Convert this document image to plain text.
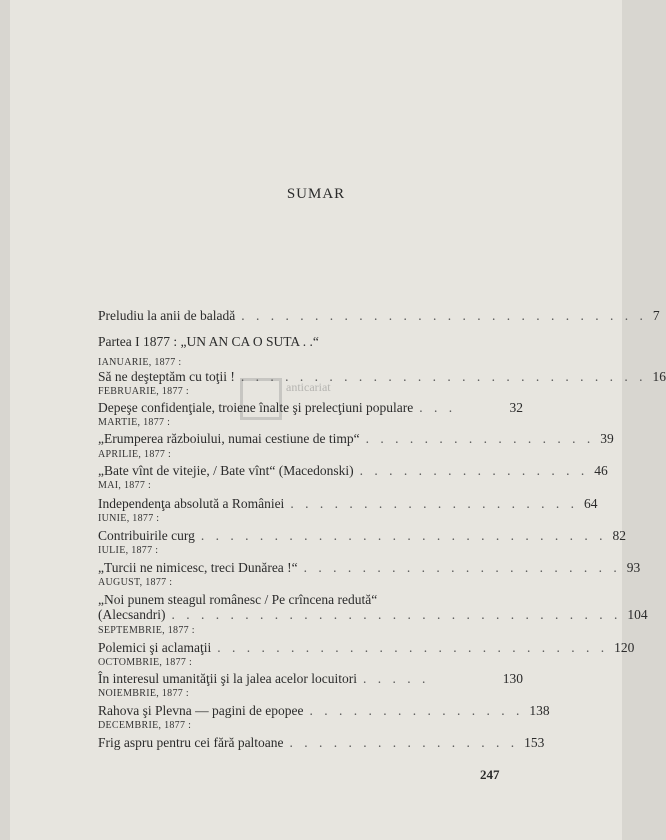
anticariat
SUMAR
Preludiu la anii de baladă . . . . . . . . . . . . . . . . . . . . . . . . . . . . 7
Partea I 1877 : „UN AN CA O SUTA . .“
IANUARIE, 1877 :
Să ne deşteptăm cu toţii ! . . . . . . . . . . . . . . . . . . . . . . . . . . . . 16
FEBRUARIE, 1877 :
Depeşe confidenţiale, troiene înalte şi prelecţiuni populare . . .	32
MARTIE, 1877 :
„Erumperea războiului, numai cestiune de timp“ . . . . . . . . . . . . . . . . 39
APRILIE, 1877 :
„Bate vînt de vitejie, / Bate vînt“ (Macedonski) . . . . . . . . . . . . . . . . 46
MAI, 1877 :
Independenţa absolută a României . . . . . . . . . . . . . . . . . . . . 64
IUNIE, 1877 :
Contribuirile curg . . . . . . . . . . . . . . . . . . . . . . . . . . . . 82
IULIE, 1877 :
„Turcii ne nimicesc, treci Dunărea !“ . . . . . . . . . . . . . . . . . . . . . . 93
AUGUST, 1877 :
„Noi punem steagul românesc / Pe crîncena redută“
(Alecsandri) . . . . . . . . . . . . . . . . . . . . . . . . . . . . . . . 104
SEPTEMBRIE, 1877 :
Polemici şi aclamaţii . . . . . . . . . . . . . . . . . . . . . . . . . . . 120
OCTOMBRIE, 1877 :
În interesul umanităţii şi la jalea acelor locuitori . . . . .	130
NOIEMBRIE, 1877 :
Rahova şi Plevna — pagini de epopee . . . . . . . . . . . . . . . 138
DECEMBRIE, 1877 :
Frig aspru pentru cei fără paltoane . . . . . . . . . . . . . . . . 153
247
